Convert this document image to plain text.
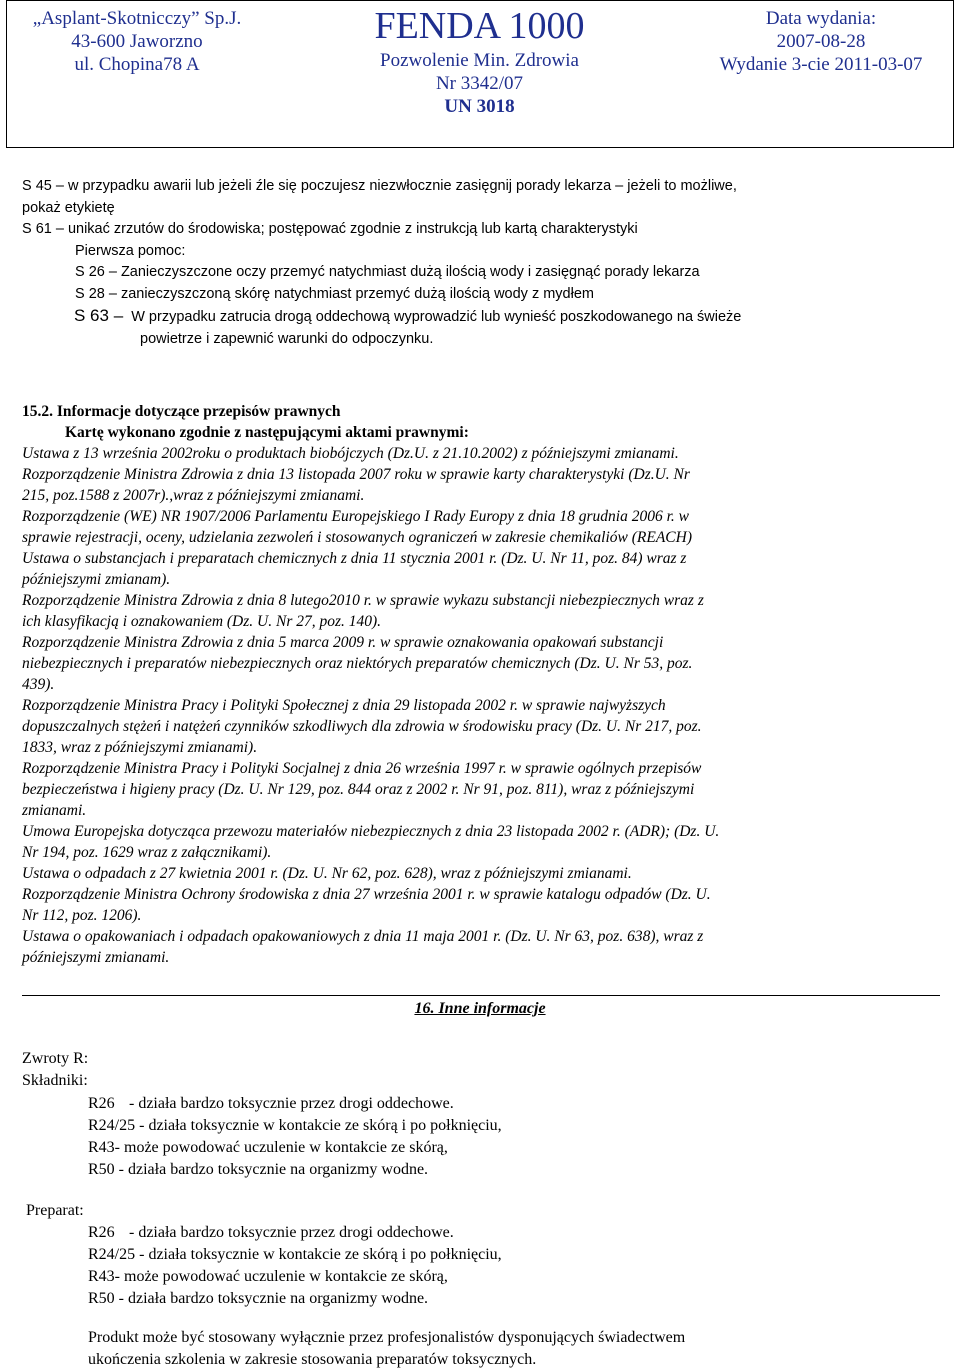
„Asplant-Skotnicczy” Sp.J.
43-600 Jaworzno
ul. Chopina78 A
FENDA 1000
Pozwolenie Min. Zdrowia
Nr 3342/07
UN 3018
Data wydania:
2007-08-28
Wydanie 3-cie 2011-03-07
S 45 – w przypadku awarii lub jeżeli źle się poczujesz niezwłocznie zasięgnij porady lekarza – jeżeli to możliwe,
pokaż etykietę
S 61 – unikać zrzutów do środowiska; postępować zgodnie z instrukcją lub kartą charakterystyki
Pierwsza pomoc:
S 26 – Zanieczyszczone oczy przemyć natychmiast dużą ilością wody i zasięgnąć porady lekarza
S 28 – zanieczyszczoną skórę natychmiast przemyć dużą ilością wody z mydłem
S 63 – W przypadku zatrucia drogą oddechową wyprowadzić lub wynieść poszkodowanego na świeże
powietrze i zapewnić warunki do odpoczynku.
15.2. Informacje dotyczące przepisów prawnych
Kartę wykonano zgodnie z następującymi aktami prawnymi:
Ustawa z 13 września 2002roku o produktach biobójczych (Dz.U. z 21.10.2002) z późniejszymi zmianami.
Rozporządzenie Ministra Zdrowia z dnia 13 listopada 2007 roku w sprawie karty charakterystyki (Dz.U. Nr
215, poz.1588 z 2007r).,wraz z późniejszymi zmianami.
Rozporządzenie (WE) NR 1907/2006 Parlamentu Europejskiego I Rady Europy z dnia 18 grudnia 2006 r. w
sprawie rejestracji, oceny, udzielania zezwoleń i stosowanych ograniczeń w zakresie chemikaliów (REACH)
Ustawa o substancjach i preparatach chemicznych z dnia 11 stycznia 2001 r. (Dz. U. Nr 11, poz. 84) wraz z
późniejszymi zmianam).
Rozporządzenie Ministra Zdrowia z dnia 8 lutego2010 r. w sprawie wykazu substancji niebezpiecznych wraz z
ich klasyfikacją i oznakowaniem (Dz. U. Nr 27, poz. 140).
Rozporządzenie Ministra Zdrowia z dnia 5 marca 2009 r. w sprawie oznakowania opakowań substancji
niebezpiecznych i preparatów niebezpiecznych oraz niektórych preparatów chemicznych (Dz. U. Nr 53, poz.
439).
Rozporządzenie Ministra Pracy i Polityki Społecznej z dnia 29 listopada 2002 r. w sprawie najwyższych
dopuszczalnych stężeń i natężeń czynników szkodliwych dla zdrowia w środowisku pracy (Dz. U. Nr 217, poz.
1833, wraz z późniejszymi zmianami).
Rozporządzenie Ministra Pracy i Polityki Socjalnej z dnia 26 września 1997 r. w sprawie ogólnych przepisów
bezpieczeństwa i higieny pracy (Dz. U. Nr 129, poz. 844 oraz z 2002 r. Nr 91, poz. 811), wraz z późniejszymi
zmianami.
Umowa Europejska dotycząca przewozu materiałów niebezpiecznych z dnia 23 listopada 2002 r. (ADR); (Dz. U.
Nr 194, poz. 1629 wraz z załącznikami).
Ustawa o odpadach z 27 kwietnia 2001 r. (Dz. U. Nr 62, poz. 628), wraz z późniejszymi zmianami.
Rozporządzenie Ministra Ochrony środowiska z dnia 27 września 2001 r. w sprawie katalogu odpadów (Dz. U.
Nr 112, poz. 1206).
Ustawa o opakowaniach i odpadach opakowaniowych z dnia 11 maja 2001 r. (Dz. U. Nr 63, poz. 638), wraz z
późniejszymi zmianami.
16. Inne informacje
Zwroty R:
Składniki:
R26 - działa bardzo toksycznie przez drogi oddechowe.
R24/25 - działa toksycznie w kontakcie ze skórą i po połknięciu,
R43- może powodować uczulenie w kontakcie ze skórą,
R50 - działa bardzo toksycznie na organizmy wodne.
Preparat:
R26 - działa bardzo toksycznie przez drogi oddechowe.
R24/25 - działa toksycznie w kontakcie ze skórą i po połknięciu,
R43- może powodować uczulenie w kontakcie ze skórą,
R50 - działa bardzo toksycznie na organizmy wodne.
Produkt może być stosowany wyłącznie przez profesjonalistów dysponujących świadectwem
ukończenia szkolenia w zakresie stosowania preparatów toksycznych.
